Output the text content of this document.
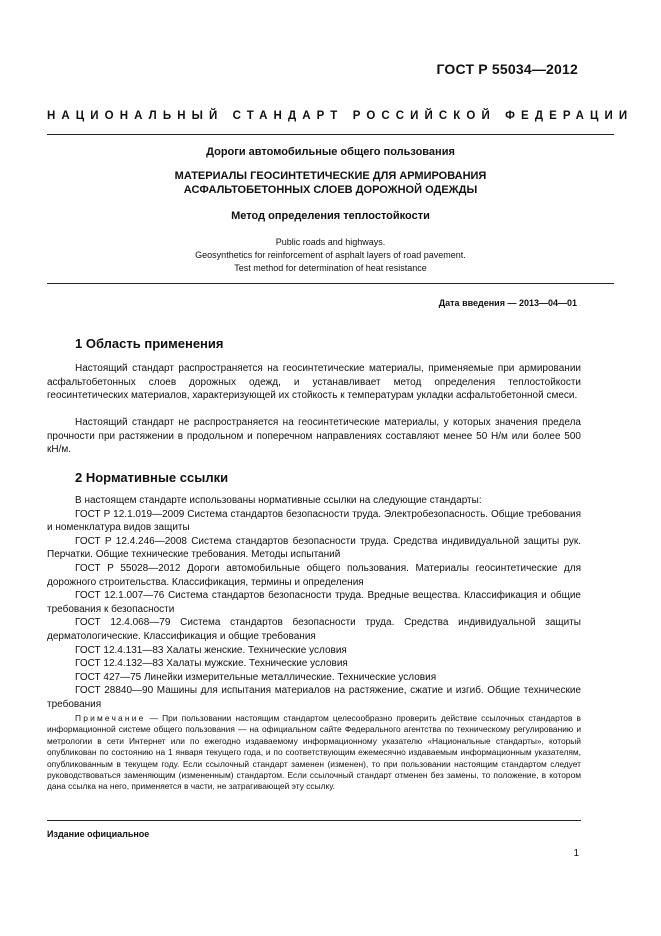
ГОСТ Р 55034—2012
НАЦИОНАЛЬНЫЙ СТАНДАРТ РОССИЙСКОЙ ФЕДЕРАЦИИ
Дороги автомобильные общего пользования
МАТЕРИАЛЫ ГЕОСИНТЕТИЧЕСКИЕ ДЛЯ АРМИРОВАНИЯ
АСФАЛЬТОБЕТОННЫХ СЛОЕВ ДОРОЖНОЙ ОДЕЖДЫ
Метод определения теплостойкости
Public roads and highways.
Geosynthetics for reinforcement of asphalt layers of road pavement.
Test method for determination of heat resistance
Дата введения — 2013—04—01
1 Область применения

Настоящий стандарт распространяется на геосинтетические материалы, применяемые при армировании асфальтобетонных слоев дорожных одежд, и устанавливает метод определения теплостойкости геосинтетических материалов, характеризующей их стойкость к температурам укладки асфальтобетонной смеси.

Настоящий стандарт не распространяется на геосинтетические материалы, у которых значения предела прочности при растяжении в продольном и поперечном направлениях составляют менее 50 Н/м или более 500 кН/м.

2 Нормативные ссылки

В настоящем стандарте использованы нормативные ссылки на следующие стандарты:

ГОСТ Р 12.1.019—2009 Система стандартов безопасности труда. Электробезопасность. Общие требования и номенклатура видов защиты

ГОСТ Р 12.4.246—2008 Система стандартов безопасности труда. Средства индивидуальной защиты рук. Перчатки. Общие технические требования. Методы испытаний

ГОСТ Р 55028—2012 Дороги автомобильные общего пользования. Материалы геосинтетические для дорожного строительства. Классификация, термины и определения

ГОСТ 12.1.007—76 Система стандартов безопасности труда. Вредные вещества. Классификация и общие требования к безопасности

ГОСТ 12.4.068—79 Система стандартов безопасности труда. Средства индивидуальной защиты дерматологические. Классификация и общие требования

ГОСТ 12.4.131—83 Халаты женские. Технические условия

ГОСТ 12.4.132—83 Халаты мужские. Технические условия

ГОСТ 427—75 Линейки измерительные металлические. Технические условия

ГОСТ 28840—90 Машины для испытания материалов на растяжение, сжатие и изгиб. Общие технические требования

Примечание — При пользовании настоящим стандартом целесообразно проверить действие ссылочных стандартов в информационной системе общего пользования — на официальном сайте Федерального агентства по техническому регулированию и метрологии в сети Интернет или по ежегодно издаваемому информационному указателю «Национальные стандарты», который опубликован по состоянию на 1 января текущего года, и по соответствующим ежемесячно издаваемым информационным указателям, опубликованным в текущем году. Если ссылочный стандарт заменен (изменен), то при пользовании настоящим стандартом следует руководствоваться заменяющим (измененным) стандартом. Если ссылочный стандарт отменен без замены, то положение, в котором дана ссылка на него, применяется в части, не затрагивающей эту ссылку.

Издание официальное
1
